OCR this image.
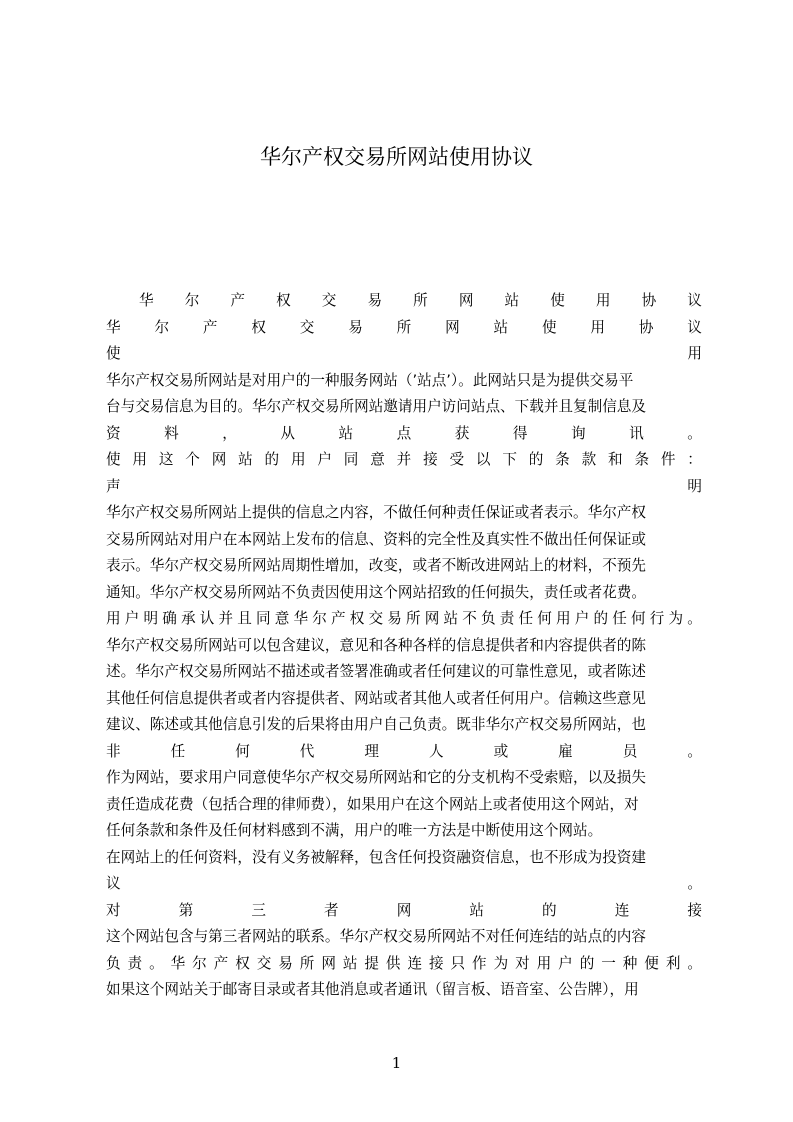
华尔产权交易所网站使用协议
华 尔 产 权 交 易 所 网 站 使 用 协 议
华 尔 产 权 交 易 所 网 站 使 用 协 议
使	用
华尔产权交易所网站是对用户的一种服务网站（’站点’）。此网站只是为提供交易平
台与交易信息为目的。华尔产权交易所网站邀请用户访问站点、下载并且复制信息及
资	料	，	从	站	点	获	得	询	讯	。
使 用 这 个 网 站 的 用 户 同 意 并 接 受 以 下 的 条 款 和 条 件 ：
声	明
华尔产权交易所网站上提供的信息之内容，不做任何种责任保证或者表示。华尔产权
交易所网站对用户在本网站上发布的信息、资料的完全性及真实性不做出任何保证或
表示。华尔产权交易所网站周期性增加，改变，或者不断改进网站上的材料，不预先
通知。华尔产权交易所网站不负责因使用这个网站招致的任何损失，责任或者花费。
用 户 明 确 承 认 并 且 同 意 华 尔 产 权 交 易 所 网 站 不 负 责 任 何 用 户 的 任 何 行 为 。
华尔产权交易所网站可以包含建议，意见和各种各样的信息提供者和内容提供者的陈
述。华尔产权交易所网站不描述或者签署准确或者任何建议的可靠性意见，或者陈述
其他任何信息提供者或者内容提供者、网站或者其他人或者任何用户。信赖这些意见
建议、陈述或其他信息引发的后果将由用户自己负责。既非华尔产权交易所网站，也
非	任	何	代	理	人	或	雇	员	。
作为网站，要求用户同意使华尔产权交易所网站和它的分支机构不受索赔，以及损失
责任造成花费（包括合理的律师费），如果用户在这个网站上或者使用这个网站，对
任何条款和条件及任何材料感到不满，用户的唯一方法是中断使用这个网站。
在网站上的任何资料，没有义务被解释，包含任何投资融资信息，也不形成为投资建
议	。
对	第	三	者	网	站	的	连	接
这个网站包含与第三者网站的联系。华尔产权交易所网站不对任何连结的站点的内容
负 责 。 华 尔 产 权 交 易 所 网 站 提 供 连 接 只 作 为 对 用 户 的 一 种 便 利 。
如果这个网站关于邮寄目录或者其他消息或者通讯（留言板、语音室、公告牌），用
1
